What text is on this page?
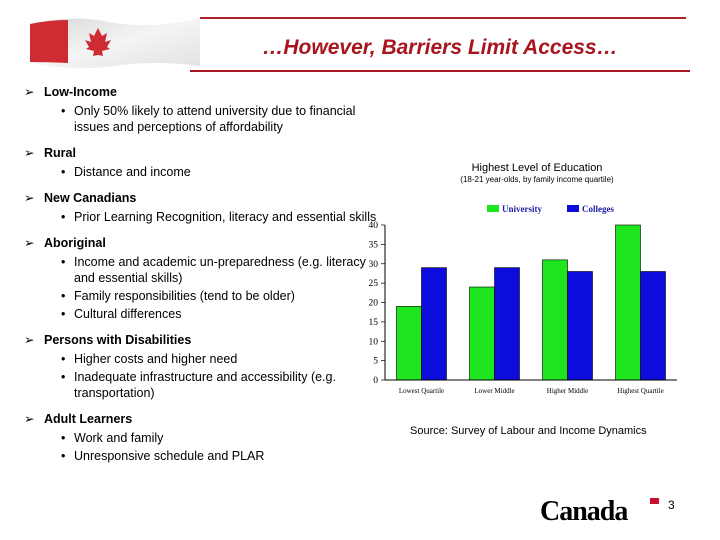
…However, Barriers Limit Access…
➢ Low-Income
• Only 50% likely to attend university due to financial issues and perceptions of affordability
➢ Rural
• Distance and income
➢ New Canadians
• Prior Learning Recognition, literacy and essential skills
➢ Aboriginal
• Income and academic un-preparedness (e.g. literacy and essential skills)
• Family responsibilities (tend to be older)
• Cultural differences
➢ Persons with Disabilities
• Higher costs and higher need
• Inadequate infrastructure and accessibility (e.g. transportation)
➢ Adult Learners
• Work and family
• Unresponsive schedule and PLAR
Highest Level of Education
(18-21 year-olds, by family income quartile)
University	Colleges
0
5
10
15
20
25
30
35
40
Lowest Quartile	Lower Middle	Higher Middle	Highest Quartile
Source: Survey of Labour and Income Dynamics
Canada	3
